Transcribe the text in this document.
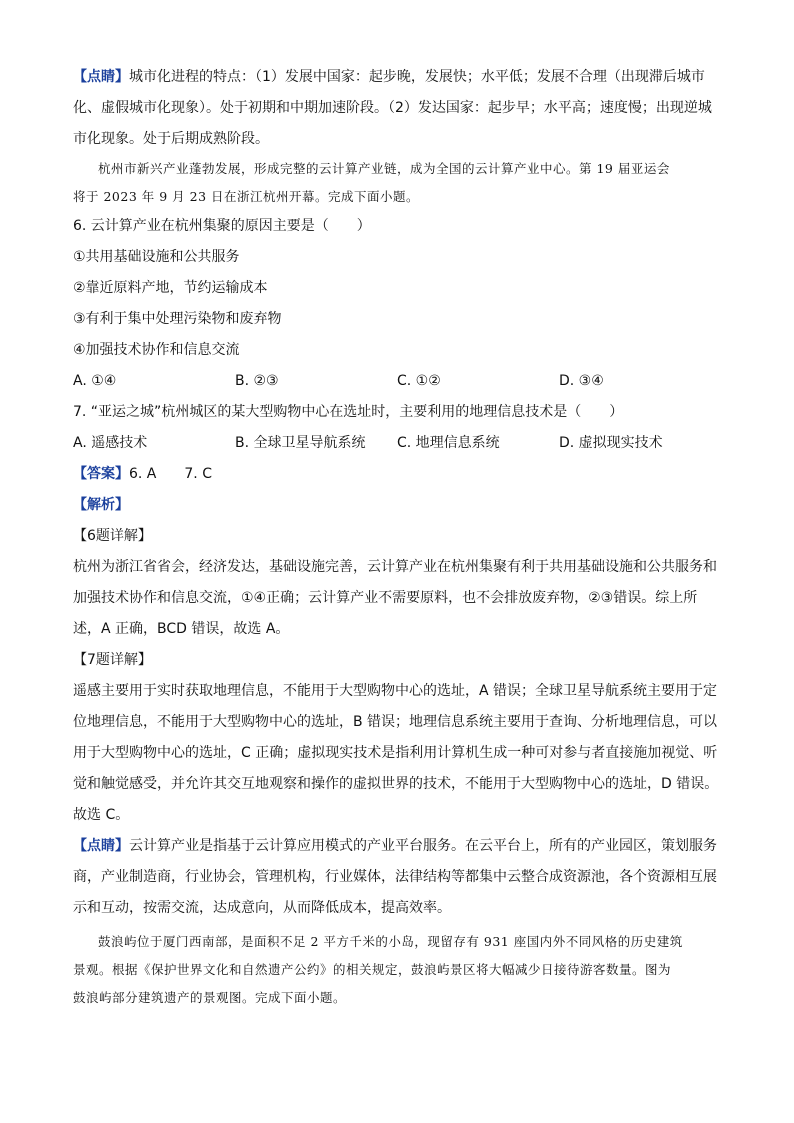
【点睛】城市化进程的特点：（1）发展中国家：起步晚，发展快；水平低；发展不合理（出现滞后城市
化、虚假城市化现象）。处于初期和中期加速阶段。（2）发达国家：起步早；水平高；速度慢；出现逆城
市化现象。处于后期成熟阶段。
杭州市新兴产业蓬勃发展，形成完整的云计算产业链，成为全国的云计算产业中心。第 19 届亚运会
将于 2023 年 9 月 23 日在浙江杭州开幕。完成下面小题。
6. 云计算产业在杭州集聚的原因主要是（　　）
①共用基础设施和公共服务
②靠近原料产地，节约运输成本
③有利于集中处理污染物和废弃物
④加强技术协作和信息交流
A. ①④	B. ②③	C. ①②	D. ③④
7. “亚运之城”杭州城区的某大型购物中心在选址时，主要利用的地理信息技术是（　　）
A. 遥感技术	B. 全球卫星导航系统	C. 地理信息系统	D. 虚拟现实技术
【答案】6. A　　7. C
【解析】
【6题详解】
杭州为浙江省省会，经济发达，基础设施完善，云计算产业在杭州集聚有利于共用基础设施和公共服务和
加强技术协作和信息交流，①④正确；云计算产业不需要原料，也不会排放废弃物，②③错误。综上所
述，A 正确，BCD 错误，故选 A。
【7题详解】
遥感主要用于实时获取地理信息，不能用于大型购物中心的选址，A 错误；全球卫星导航系统主要用于定
位地理信息，不能用于大型购物中心的选址，B 错误；地理信息系统主要用于查询、分析地理信息，可以
用于大型购物中心的选址，C 正确；虚拟现实技术是指利用计算机生成一种可对参与者直接施加视觉、听
觉和触觉感受，并允许其交互地观察和操作的虚拟世界的技术，不能用于大型购物中心的选址，D 错误。
故选 C。
【点睛】云计算产业是指基于云计算应用模式的产业平台服务。在云平台上，所有的产业园区，策划服务
商，产业制造商，行业协会，管理机构，行业媒体，法律结构等都集中云整合成资源池，各个资源相互展
示和互动，按需交流，达成意向，从而降低成本，提高效率。
鼓浪屿位于厦门西南部，是面积不足 2 平方千米的小岛，现留存有 931 座国内外不同风格的历史建筑
景观。根据《保护世界文化和自然遗产公约》的相关规定，鼓浪屿景区将大幅减少日接待游客数量。图为
鼓浪屿部分建筑遗产的景观图。完成下面小题。
